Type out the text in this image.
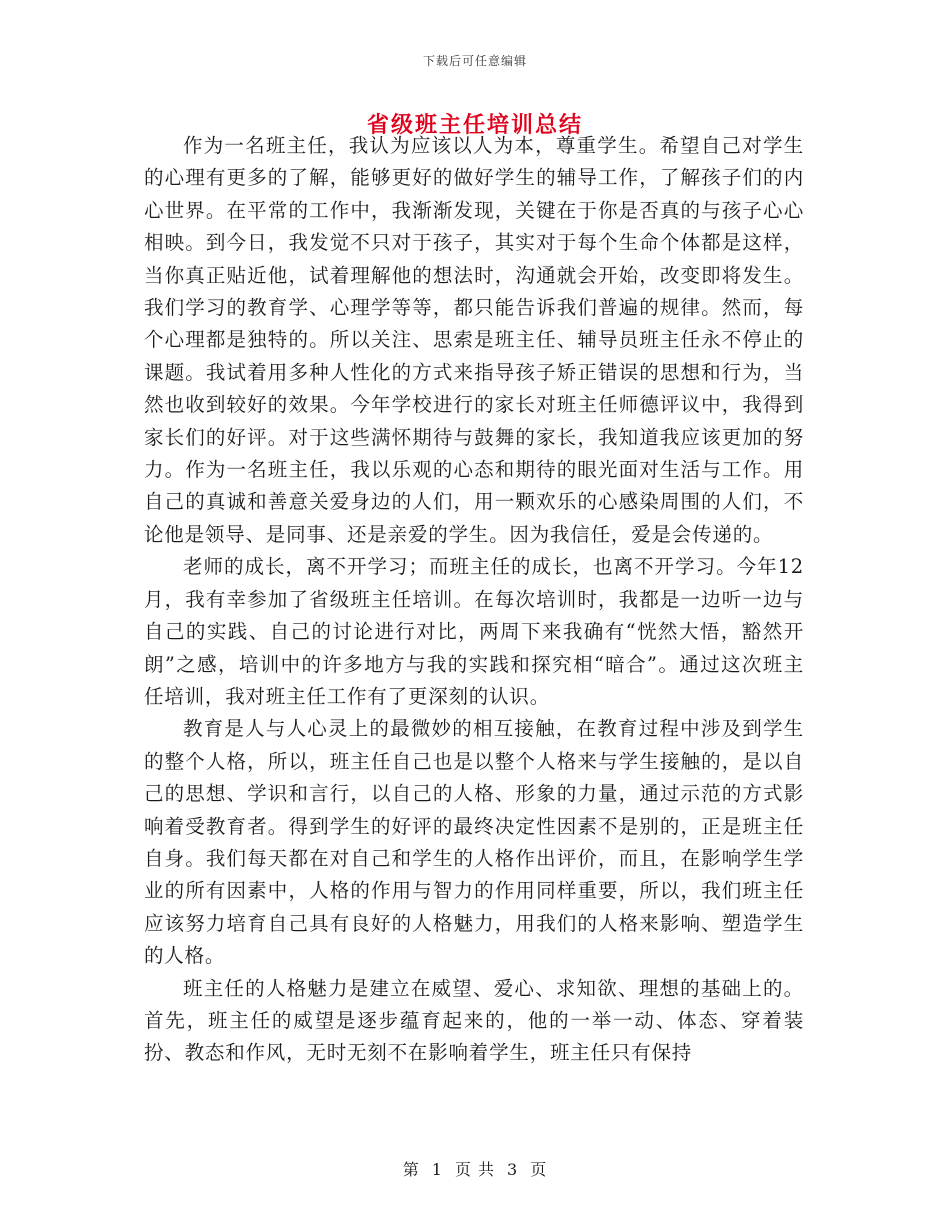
下载后可任意编辑
省级班主任培训总结

作为一名班主任，我认为应该以人为本，尊重学生。希望自己对学生的心理有更多的了解，能够更好的做好学生的辅导工作，了解孩子们的内心世界。在平常的工作中，我渐渐发现，关键在于你是否真的与孩子心心相映。到今日，我发觉不只对于孩子，其实对于每个生命个体都是这样，当你真正贴近他，试着理解他的想法时，沟通就会开始，改变即将发生。我们学习的教育学、心理学等等，都只能告诉我们普遍的规律。然而，每个心理都是独特的。所以关注、思索是班主任、辅导员班主任永不停止的课题。我试着用多种人性化的方式来指导孩子矫正错误的思想和行为，当然也收到较好的效果。今年学校进行的家长对班主任师德评议中，我得到家长们的好评。对于这些满怀期待与鼓舞的家长，我知道我应该更加的努力。作为一名班主任，我以乐观的心态和期待的眼光面对生活与工作。用自己的真诚和善意关爱身边的人们，用一颗欢乐的心感染周围的人们，不论他是领导、是同事、还是亲爱的学生。因为我信任，爱是会传递的。

老师的成长，离不开学习；而班主任的成长，也离不开学习。今年12月，我有幸参加了省级班主任培训。在每次培训时，我都是一边听一边与自己的实践、自己的讨论进行对比，两周下来我确有“恍然大悟，豁然开朗”之感，培训中的许多地方与我的实践和探究相“暗合”。通过这次班主任培训，我对班主任工作有了更深刻的认识。

教育是人与人心灵上的最微妙的相互接触，在教育过程中涉及到学生的整个人格，所以，班主任自己也是以整个人格来与学生接触的，是以自己的思想、学识和言行，以自己的人格、形象的力量，通过示范的方式影响着受教育者。得到学生的好评的最终决定性因素不是别的，正是班主任自身。我们每天都在对自己和学生的人格作出评价，而且，在影响学生学业的所有因素中，人格的作用与智力的作用同样重要，所以，我们班主任应该努力培育自己具有良好的人格魅力，用我们的人格来影响、塑造学生的人格。

班主任的人格魅力是建立在威望、爱心、求知欲、理想的基础上的。首先，班主任的威望是逐步蕴育起来的，他的一举一动、体态、穿着装扮、教态和作风，无时无刻不在影响着学生，班主任只有保持

第 1 页 共 3 页
